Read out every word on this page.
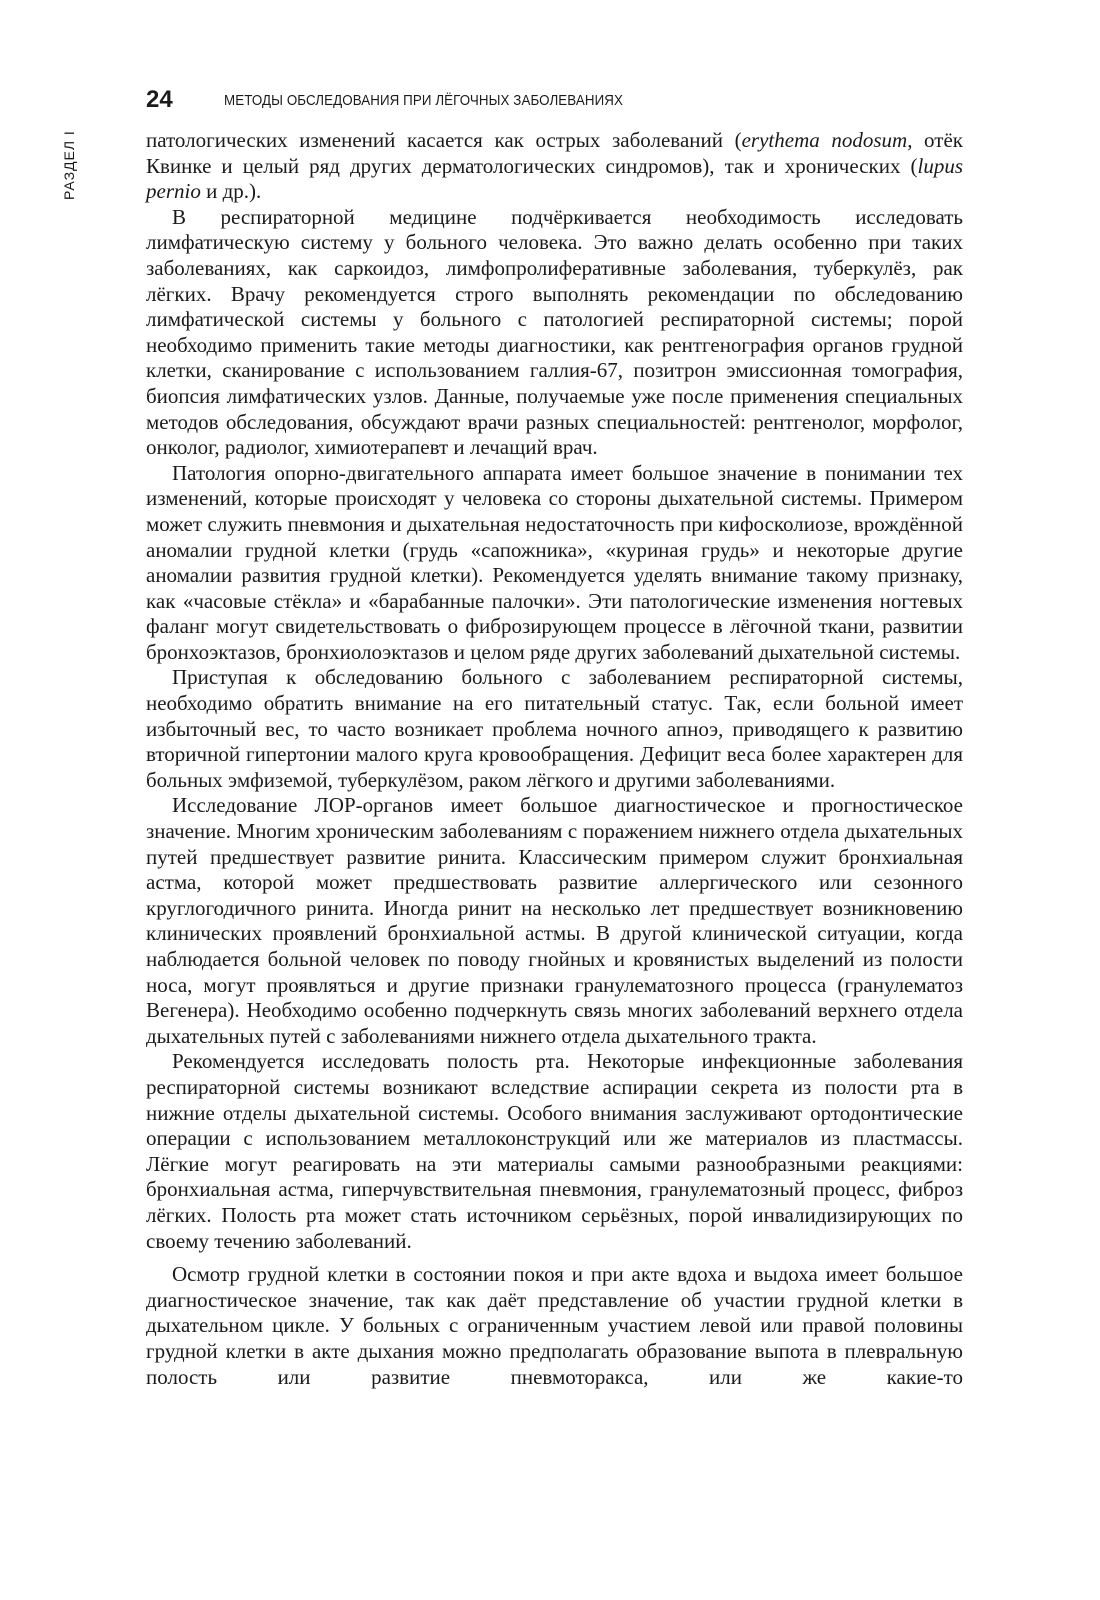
24	МЕТОДЫ ОБСЛЕДОВАНИЯ ПРИ ЛЁГОЧНЫХ ЗАБОЛЕВАНИЯХ
РАЗДЕЛ I	патологических изменений касается как острых заболеваний (erythema nodosum, отёк Квинке и целый ряд других дерматологических синдромов), так и хронических (lupus pernio и др.).

В респираторной медицине подчёркивается необходимость исследовать лимфатическую систему у больного человека. Это важно делать особенно при таких заболеваниях, как саркоидоз, лимфопролиферативные заболевания, туберкулёз, рак лёгких. Врачу рекомендуется строго выполнять рекомендации по обследованию лимфатической системы у больного с патологией респираторной системы; порой необходимо применить такие методы диагностики, как рентгенография органов грудной клетки, сканирование с использованием галлия-67, позитрон эмиссионная томография, биопсия лимфатических узлов. Данные, получаемые уже после применения специальных методов обследования, обсуждают врачи разных специальностей: рентгенолог, морфолог, онколог, радиолог, химиотерапевт и лечащий врач.

Патология опорно-двигательного аппарата имеет большое значение в понимании тех изменений, которые происходят у человека со стороны дыхательной системы. Примером может служить пневмония и дыхательная недостаточность при кифосколиозе, врождённой аномалии грудной клетки (грудь «сапожника», «куриная грудь» и некоторые другие аномалии развития грудной клетки). Рекомендуется уделять внимание такому признаку, как «часовые стёкла» и «барабанные палочки». Эти патологические изменения ногтевых фаланг могут свидетельствовать о фиброзирующем процессе в лёгочной ткани, развитии бронхоэктазов, бронхиолоэктазов и целом ряде других заболеваний дыхательной системы.

Приступая к обследованию больного с заболеванием респираторной системы, необходимо обратить внимание на его питательный статус. Так, если больной имеет избыточный вес, то часто возникает проблема ночного апноэ, приводящего к развитию вторичной гипертонии малого круга кровообращения. Дефицит веса более характерен для больных эмфиземой, туберкулёзом, раком лёгкого и другими заболеваниями.

Исследование ЛОР-органов имеет большое диагностическое и прогностическое значение. Многим хроническим заболеваниям с поражением нижнего отдела дыхательных путей предшествует развитие ринита. Классическим примером служит бронхиальная астма, которой может предшествовать развитие аллергического или сезонного круглогодичного ринита. Иногда ринит на несколько лет предшествует возникновению клинических проявлений бронхиальной астмы. В другой клинической ситуации, когда наблюдается больной человек по поводу гнойных и кровянистых выделений из полости носа, могут проявляться и другие признаки гранулематозного процесса (гранулематоз Вегенера). Необходимо особенно подчеркнуть связь многих заболеваний верхнего отдела дыхательных путей с заболеваниями нижнего отдела дыхательного тракта.

Рекомендуется исследовать полость рта. Некоторые инфекционные заболевания респираторной системы возникают вследствие аспирации секрета из полости рта в нижние отделы дыхательной системы. Особого внимания заслуживают ортодонтические операции с использованием металлоконструкций или же материалов из пластмассы. Лёгкие могут реагировать на эти материалы самыми разнообразными реакциями: бронхиальная астма, гиперчувствительная пневмония, гранулематозный процесс, фиброз лёгких. Полость рта может стать источником серьёзных, порой инвалидизирующих по своему течению заболеваний.

Осмотр грудной клетки в состоянии покоя и при акте вдоха и выдоха имеет большое диагностическое значение, так как даёт представление об участии грудной клетки в дыхательном цикле. У больных с ограниченным участием левой или правой половины грудной клетки в акте дыхания можно предполагать образование выпота в плевральную полость или развитие пневмоторакса, или же какие-то
